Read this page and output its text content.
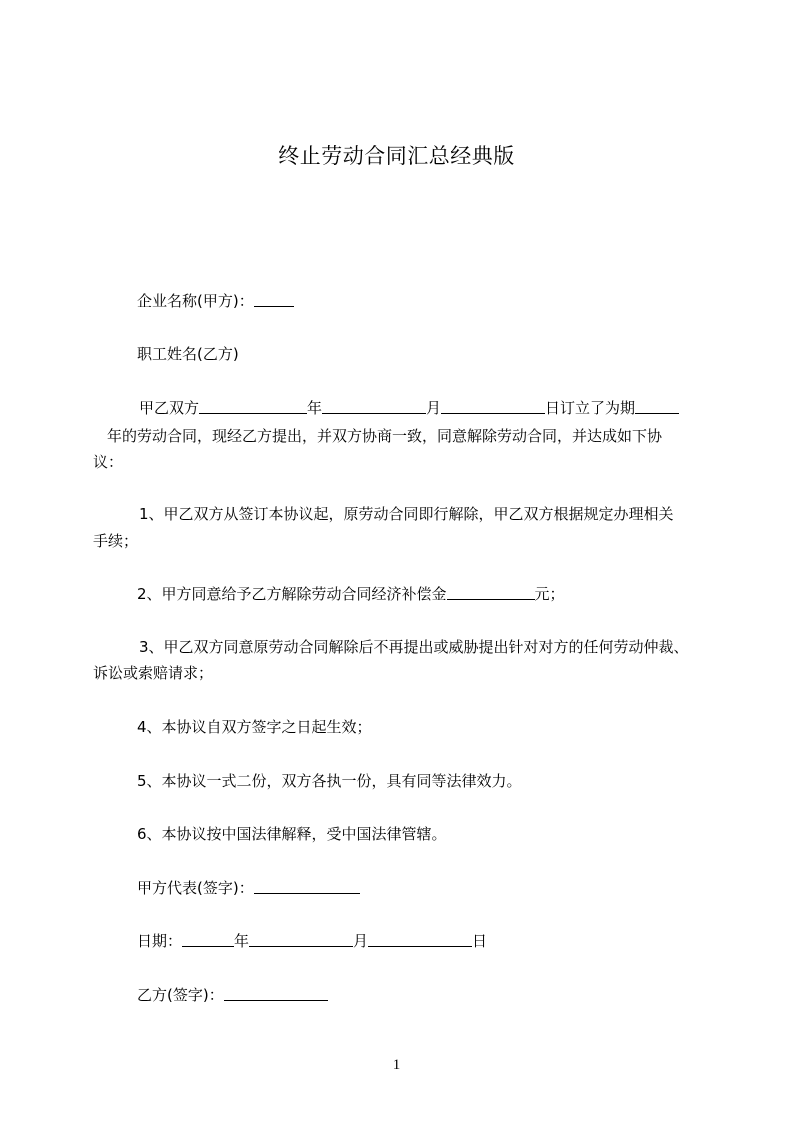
终止劳动合同汇总经典版
企业名称(甲方)：
职工姓名(乙方)
甲乙双方	年	月	日订立了为期
年的劳动合同，现经乙方提出，并双方协商一致，同意解除劳动合同，并达成如下协
议：
1、甲乙双方从签订本协议起，原劳动合同即行解除，甲乙双方根据规定办理相关
手续；
2、甲方同意给予乙方解除劳动合同经济补偿金	元；
3、甲乙双方同意原劳动合同解除后不再提出或威胁提出针对对方的任何劳动仲裁、
诉讼或索赔请求；
4、本协议自双方签字之日起生效；
5、本协议一式二份，双方各执一份，具有同等法律效力。
6、本协议按中国法律解释，受中国法律管辖。
甲方代表(签字)：
日期：	年	月	日
乙方(签字)：
1
